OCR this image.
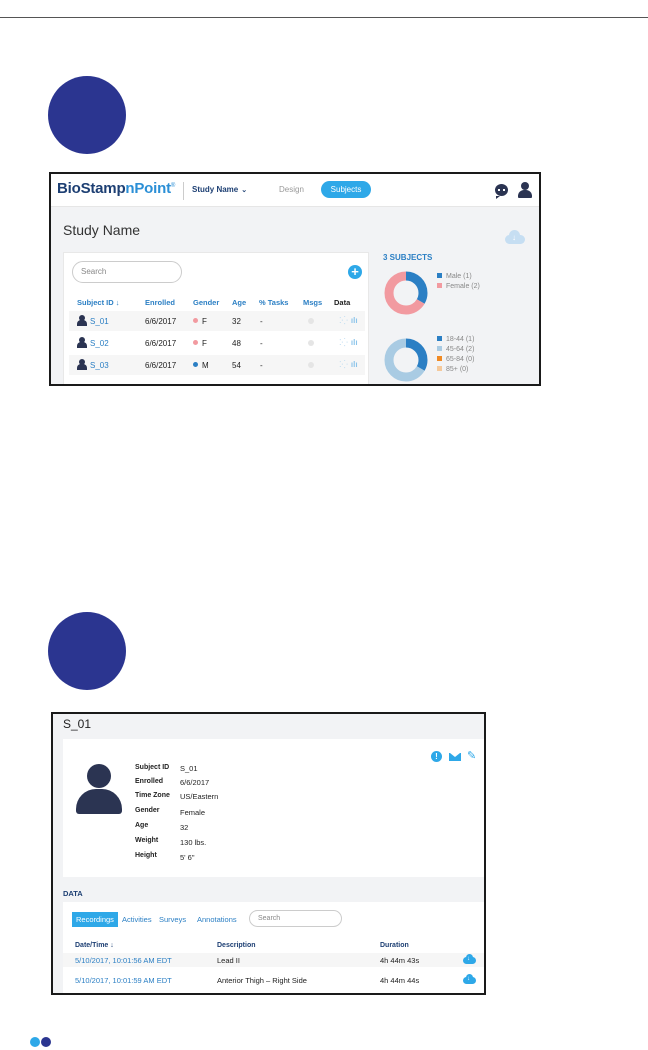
BioStampnPoint® Study Name ⌄	Design	Subjects
Study Name	↓
Search	+
Subject ID ↓	Enrolled Gender Age % Tasks Msgs Data
S_01	6/6/2017	F	32 -	⁚⁛ ılı
S_02	6/6/2017	F	48 -	⁚⁛ ılı
S_03	6/6/2017	M	54 -	⁚⁛ ılı
3 SUBJECTS
Male (1)
Female (2)
18-44 (1)
45-64 (2)
65-84 (0)
85+ (0)
S_01
Subject ID S_01
Enrolled 6/6/2017
Time Zone US/Eastern
Gender	Female
Age	32
Weight	130 lbs.
Height	5' 6"
!	✎
DATA
Recordings	Activities Surveys Annotations	Search
Date/Time ↓	Description	Duration
5/10/2017, 10:01:56 AM EDT	Lead II	4h 44m 43s	↓
5/10/2017, 10:01:59 AM EDT	Anterior Thigh – Right Side	4h 44m 44s	↓
